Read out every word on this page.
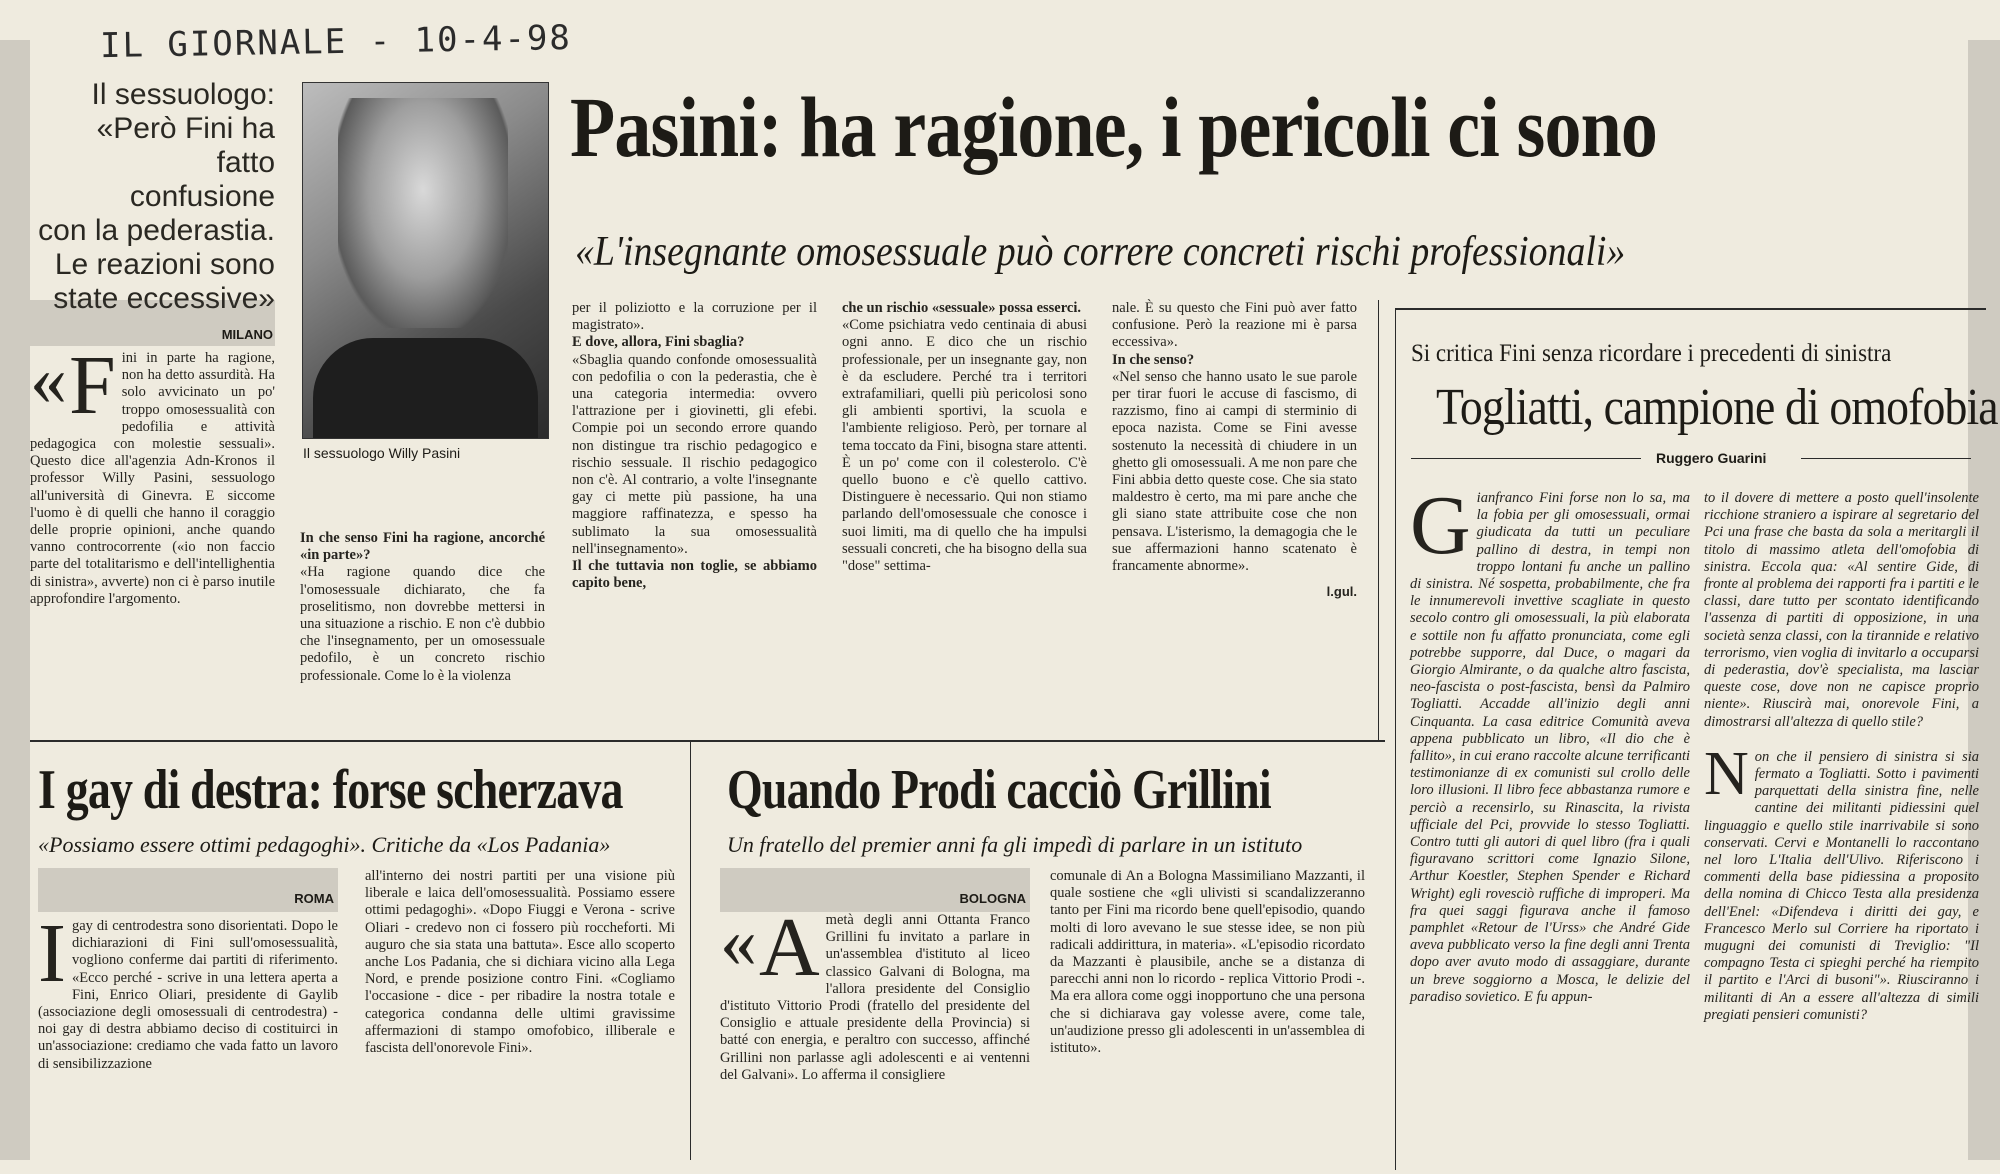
IL GIORNALE - 10-4-98
Il sessuologo:
«Però Fini ha fatto
confusione
con la pederastia.
Le reazioni sono
state eccessive»
Il sessuologo Willy Pasini
Pasini: ha ragione, i pericoli ci sono
«L'insegnante omosessuale può correre concreti rischi professionali»
MILANO
« F ini in parte ha ragione, non ha detto assurdità. Ha solo avvicinato un po' troppo omosessualità con pedofilia e attività pedagogica con molestie sessuali». Questo dice all'agenzia Adn-Kronos il professor Willy Pasini, sessuologo all'università di Ginevra. E siccome l'uomo è di quelli che hanno il coraggio delle proprie opinioni, anche quando vanno controcorrente («io non faccio parte del totalitarismo e dell'intellighentia di sinistra», avverte) non ci è parso inutile approfondire l'argomento.

In che senso Fini ha ragione, ancorché «in parte»?

«Ha ragione quando dice che l'omosessuale dichiarato, che fa proselitismo, non dovrebbe mettersi in una situazione a rischio. E non c'è dubbio che l'insegnamento, per un omosessuale pedofilo, è un concreto rischio professionale. Come lo è la violenza

per il poliziotto e la corruzione per il magistrato».

E dove, allora, Fini sbaglia?

«Sbaglia quando confonde omosessualità con pedofilia o con la pederastia, che è una categoria intermedia: ovvero l'attrazione per i giovinetti, gli efebi. Compie poi un secondo errore quando non distingue tra rischio pedagogico e rischio sessuale. Il rischio pedagogico non c'è. Al contrario, a volte l'insegnante gay ci mette più passione, ha una maggiore raffinatezza, e spesso ha sublimato la sua omosessualità nell'insegnamento».

Il che tuttavia non toglie, se abbiamo capito bene,

che un rischio «sessuale» possa esserci.

«Come psichiatra vedo centinaia di abusi ogni anno. E dico che un rischio professionale, per un insegnante gay, non è da escludere. Perché tra i territori extrafamiliari, quelli più pericolosi sono gli ambienti sportivi, la scuola e l'ambiente religioso. Però, per tornare al tema toccato da Fini, bisogna stare attenti. È un po' come con il colesterolo. C'è quello buono e c'è quello cattivo. Distinguere è necessario. Qui non stiamo parlando dell'omosessuale che conosce i suoi limiti, ma di quello che ha impulsi sessuali concreti, che ha bisogno della sua "dose" settima-

nale. È su questo che Fini può aver fatto confusione. Però la reazione mi è parsa eccessiva».

In che senso?

«Nel senso che hanno usato le sue parole per tirar fuori le accuse di fascismo, di razzismo, fino ai campi di sterminio di epoca nazista. Come se Fini avesse sostenuto la necessità di chiudere in un ghetto gli omosessuali. A me non pare che Fini abbia detto queste cose. Che sia stato maldestro è certo, ma mi pare anche che gli siano state attribuite cose che non pensava. L'isterismo, la demagogia che le sue affermazioni hanno scatenato è francamente abnorme».

l.gul.
Si critica Fini senza ricordare i precedenti di sinistra
Togliatti, campione di omofobia
Ruggero Guarini
Gianfranco Fini forse non lo sa, ma la fobia per gli omosessuali, ormai giudicata da tutti un peculiare pallino di destra, in tempi non troppo lontani fu anche un pallino di sinistra. Né sospetta, probabilmente, che fra le innumerevoli invettive scagliate in questo secolo contro gli omosessuali, la più elaborata e sottile non fu affatto pronunciata, come egli potrebbe supporre, dal Duce, o magari da Giorgio Almirante, o da qualche altro fascista, neo-fascista o post-fascista, bensì da Palmiro Togliatti. Accadde all'inizio degli anni Cinquanta. La casa editrice Comunità aveva appena pubblicato un libro, «Il dio che è fallito», in cui erano raccolte alcune terrificanti testimonianze di ex comunisti sul crollo delle loro illusioni. Il libro fece abbastanza rumore e perciò a recensirlo, su Rinascita, la rivista ufficiale del Pci, provvide lo stesso Togliatti. Contro tutti gli autori di quel libro (fra i quali figuravano scrittori come Ignazio Silone, Arthur Koestler, Stephen Spender e Richard Wright) egli rovesciò ruffiche di improperi. Ma fra quei saggi figurava anche il famoso pamphlet «Retour de l'Urss» che André Gide aveva pubblicato verso la fine degli anni Trenta dopo aver avuto modo di assaggiare, durante un breve soggiorno a Mosca, le delizie del paradiso sovietico. E fu appun-

to il dovere di mettere a posto quell'insolente ricchione straniero a ispirare al segretario del Pci una frase che basta da sola a meritargli il titolo di massimo atleta dell'omofobia di sinistra. Eccola qua: «Al sentire Gide, di fronte al problema dei rapporti fra i partiti e le classi, dare tutto per scontato identificando l'assenza di partiti di opposizione, in una società senza classi, con la tirannide e relativo terrorismo, vien voglia di invitarlo a occuparsi di pederastia, dov'è specialista, ma lasciar queste cose, dove non ne capisce proprio niente». Riuscirà mai, onorevole Fini, a dimostrarsi all'altezza di quello stile?

Non che il pensiero di sinistra si sia fermato a Togliatti. Sotto i pavimenti parquettati della sinistra fine, nelle cantine dei militanti pidiessini quel linguaggio e quello stile inarrivabile si sono conservati. Cervi e Montanelli lo raccontano nel loro L'Italia dell'Ulivo. Riferiscono i commenti della base pidiessina a proposito della nomina di Chicco Testa alla presidenza dell'Enel: «Difendeva i diritti dei gay, e Francesco Merlo sul Corriere ha riportato i mugugni dei comunisti di Treviglio: "Il compagno Testa ci spieghi perché ha riempito il partito e l'Arci di busoni"». Riusciranno i militanti di An a essere all'altezza di simili pregiati pensieri comunisti?
I gay di destra: forse scherzava
«Possiamo essere ottimi pedagoghi». Critiche da «Los Padania»
ROMA
Igay di centrodestra sono disorientati. Dopo le dichiarazioni di Fini sull'omosessualità, vogliono conferme dai partiti di riferimento. «Ecco perché - scrive in una lettera aperta a Fini, Enrico Oliari, presidente di Gaylib (associazione degli omosessuali di centrodestra) - noi gay di destra abbiamo deciso di costituirci in un'associazione: crediamo che vada fatto un lavoro di sensibilizzazione

all'interno dei nostri partiti per una visione più liberale e laica dell'omosessualità. Possiamo essere ottimi pedagoghi». «Dopo Fiuggi e Verona - scrive Oliari - credevo non ci fossero più roccheforti. Mi auguro che sia stata una battuta». Esce allo scoperto anche Los Padania, che si dichiara vicino alla Lega Nord, e prende posizione contro Fini. «Cogliamo l'occasione - dice - per ribadire la nostra totale e categorica condanna delle ultimi gravissime affermazioni di stampo omofobico, illiberale e fascista dell'onorevole Fini».

Quando Prodi cacciò Grillini
Un fratello del premier anni fa gli impedì di parlare in un istituto
BOLOGNA
« A metà degli anni Ottanta Franco Grillini fu invitato a parlare in un'assemblea d'istituto al liceo classico Galvani di Bologna, ma l'allora presidente del Consiglio d'istituto Vittorio Prodi (fratello del presidente del Consiglio e attuale presidente della Provincia) si batté con energia, e peraltro con successo, affinché Grillini non parlasse agli adolescenti e ai ventenni del Galvani». Lo afferma il consigliere

comunale di An a Bologna Massimiliano Mazzanti, il quale sostiene che «gli ulivisti si scandalizzeranno tanto per Fini ma ricordo bene quell'episodio, quando molti di loro avevano le sue stesse idee, se non più radicali addirittura, in materia». «L'episodio ricordato da Mazzanti è plausibile, anche se a distanza di parecchi anni non lo ricordo - replica Vittorio Prodi -. Ma era allora come oggi inopportuno che una persona che si dichiarava gay volesse avere, come tale, un'audizione presso gli adolescenti in un'assemblea di istituto».
